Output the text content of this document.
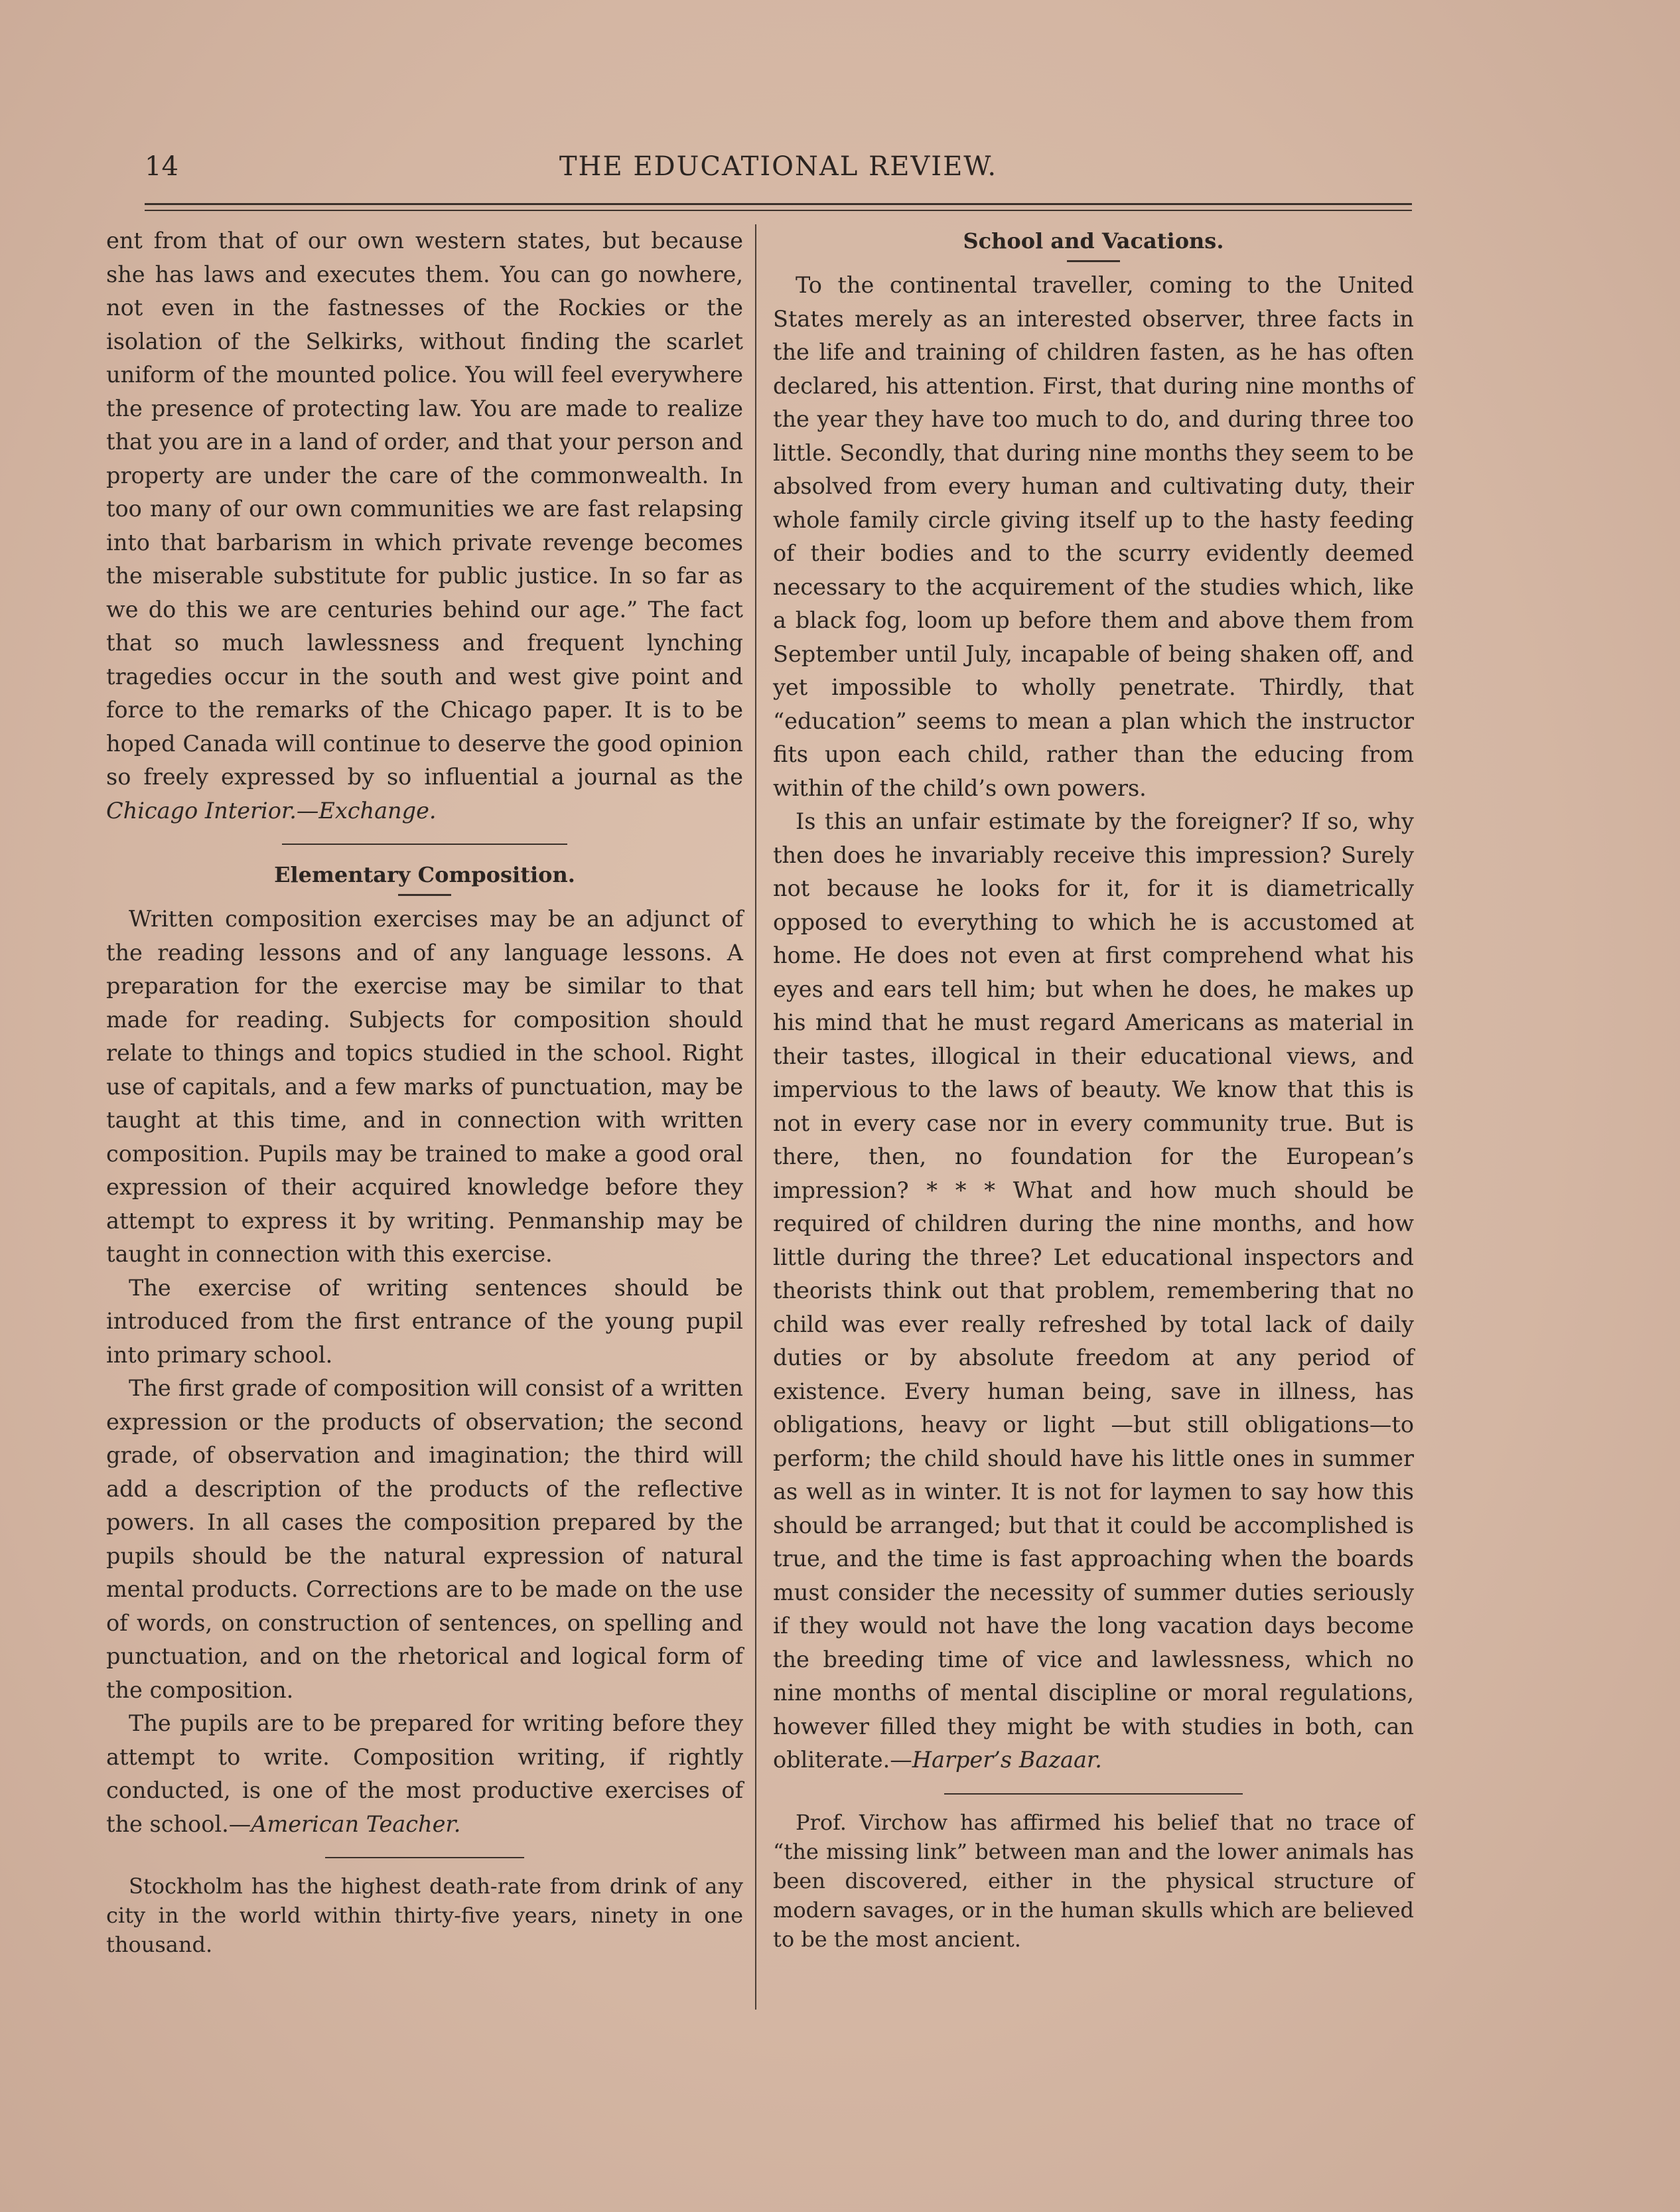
14	THE EDUCATIONAL REVIEW.

ent from that of our own western states, but because she has laws and executes them. You can go nowhere, not even in the fastnesses of the Rockies or the isolation of the Selkirks, without finding the scarlet uniform of the mounted police. You will feel everywhere the presence of protecting law. You are made to realize that you are in a land of order, and that your person and property are under the care of the commonwealth. In too many of our own communities we are fast relapsing into that barbarism in which private revenge becomes the miserable substitute for public justice. In so far as we do this we are centuries behind our age.” The fact that so much lawlessness and frequent lynching tragedies occur in the south and west give point and force to the remarks of the Chicago paper. It is to be hoped Canada will continue to deserve the good opinion so freely expressed by so influential a journal as the Chicago Interior.—Exchange.

Elementary Composition.

Written composition exercises may be an adjunct of the reading lessons and of any language lessons. A preparation for the exercise may be similar to that made for reading. Subjects for composition should relate to things and topics studied in the school. Right use of capitals, and a few marks of punctuation, may be taught at this time, and in connection with written composition. Pupils may be trained to make a good oral expression of their acquired knowledge before they attempt to express it by writing. Penmanship may be taught in connection with this exercise.

The exercise of writing sentences should be introduced from the first entrance of the young pupil into primary school.

The first grade of composition will consist of a written expression or the products of observation; the second grade, of observation and imagination; the third will add a description of the products of the reflective powers. In all cases the composition prepared by the pupils should be the natural expression of natural mental products. Corrections are to be made on the use of words, on construction of sentences, on spelling and punctuation, and on the rhetorical and logical form of the composition.

The pupils are to be prepared for writing before they attempt to write. Composition writing, if rightly conducted, is one of the most productive exercises of the school.—American Teacher.

Stockholm has the highest death-rate from drink of any city in the world within thirty-five years, ninety in one thousand.

School and Vacations.

To the continental traveller, coming to the United States merely as an interested observer, three facts in the life and training of children fasten, as he has often declared, his attention. First, that during nine months of the year they have too much to do, and during three too little. Secondly, that during nine months they seem to be absolved from every human and cultivating duty, their whole family circle giving itself up to the hasty feeding of their bodies and to the scurry evidently deemed necessary to the acquirement of the studies which, like a black fog, loom up before them and above them from September until July, incapable of being shaken off, and yet impossible to wholly penetrate. Thirdly, that “education” seems to mean a plan which the instructor fits upon each child, rather than the educing from within of the child’s own powers.

Is this an unfair estimate by the foreigner? If so, why then does he invariably receive this impression? Surely not because he looks for it, for it is diametrically opposed to everything to which he is accustomed at home. He does not even at first comprehend what his eyes and ears tell him; but when he does, he makes up his mind that he must regard Americans as material in their tastes, illogical in their educational views, and impervious to the laws of beauty. We know that this is not in every case nor in every community true. But is there, then, no foundation for the European’s impression? * * * What and how much should be required of children during the nine months, and how little during the three? Let educational inspectors and theorists think out that problem, remembering that no child was ever really refreshed by total lack of daily duties or by absolute freedom at any period of existence. Every human being, save in illness, has obligations, heavy or light —but still obligations—to perform; the child should have his little ones in summer as well as in winter. It is not for laymen to say how this should be arranged; but that it could be accomplished is true, and the time is fast approaching when the boards must consider the necessity of summer duties seriously if they would not have the long vacation days become the breeding time of vice and lawlessness, which no nine months of mental discipline or moral regulations, however filled they might be with studies in both, can obliterate.—Harper’s Bazaar.

Prof. Virchow has affirmed his belief that no trace of “the missing link” between man and the lower animals has been discovered, either in the physical structure of modern savages, or in the human skulls which are believed to be the most ancient.
